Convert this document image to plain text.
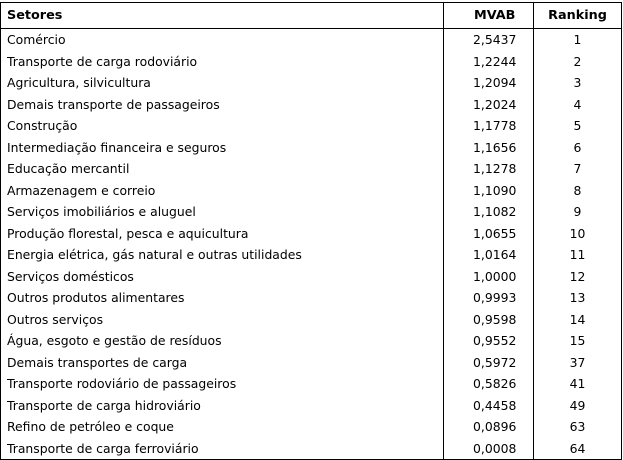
Setores	MVAB	Ranking
Comércio	2,5437	1
Transporte de carga rodoviário	1,2244	2
Agricultura, silvicultura	1,2094	3
Demais transporte de passageiros	1,2024	4
Construção	1,1778	5
Intermediação financeira e seguros	1,1656	6
Educação mercantil	1,1278	7
Armazenagem e correio	1,1090	8
Serviços imobiliários e aluguel	1,1082	9
Produção florestal, pesca e aquicultura	1,0655	10
Energia elétrica, gás natural e outras utilidades	1,0164	11
Serviços domésticos	1,0000	12
Outros produtos alimentares	0,9993	13
Outros serviços	0,9598	14
Água, esgoto e gestão de resíduos	0,9552	15
Demais transportes de carga	0,5972	37
Transporte rodoviário de passageiros	0,5826	41
Transporte de carga hidroviário	0,4458	49
Refino de petróleo e coque	0,0896	63
Transporte de carga ferroviário	0,0008	64
